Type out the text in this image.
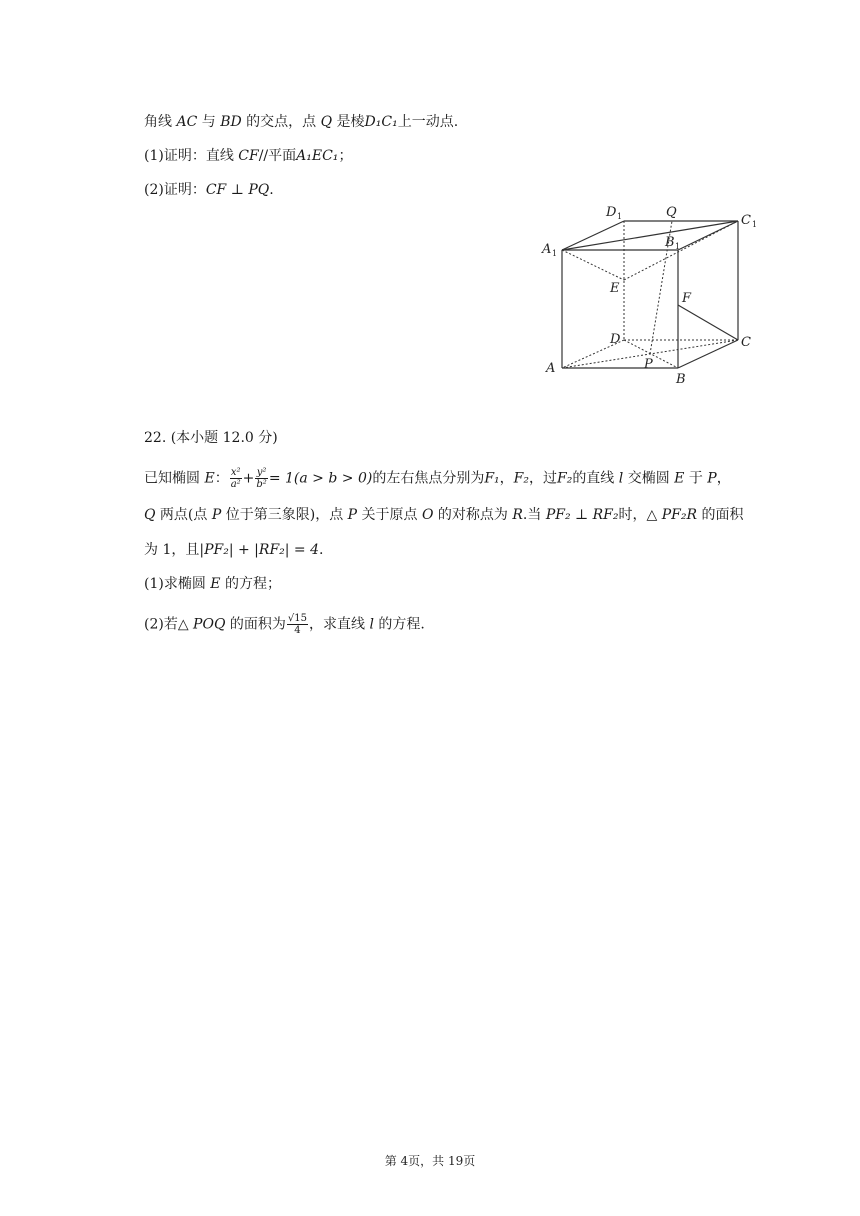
角线 AC 与 BD 的交点，点 Q 是棱D₁C₁上一动点.
(1)证明：直线 CF//平面A₁EC₁；
(2)证明：CF ⊥ PQ.
D 1	Q
C 1
A 1
B 1
E
F
D	C
A	P
B
22. (本小题 12.0 分)
已知椭圆 E： $\frac{\text{x²}}{\text{a²}} + \frac{\text{y²}}{\text{b²}} = 1(a > b > 0)$的左右焦点分别为F₁，F₂，过F₂的直线 l 交椭圆 E 于 P，
Q 两点(点 P 位于第三象限)，点 P 关于原点 O 的对称点为 R.当 PF₂ ⊥ RF₂时，△ PF₂R 的面积
为 1，且|PF₂| + |RF₂| = 4.
(1)求椭圆 E 的方程；
(2)若△ POQ 的面积为 $\frac{√15}{4}$ ，求直线 l 的方程.
第 4页，共 19页
